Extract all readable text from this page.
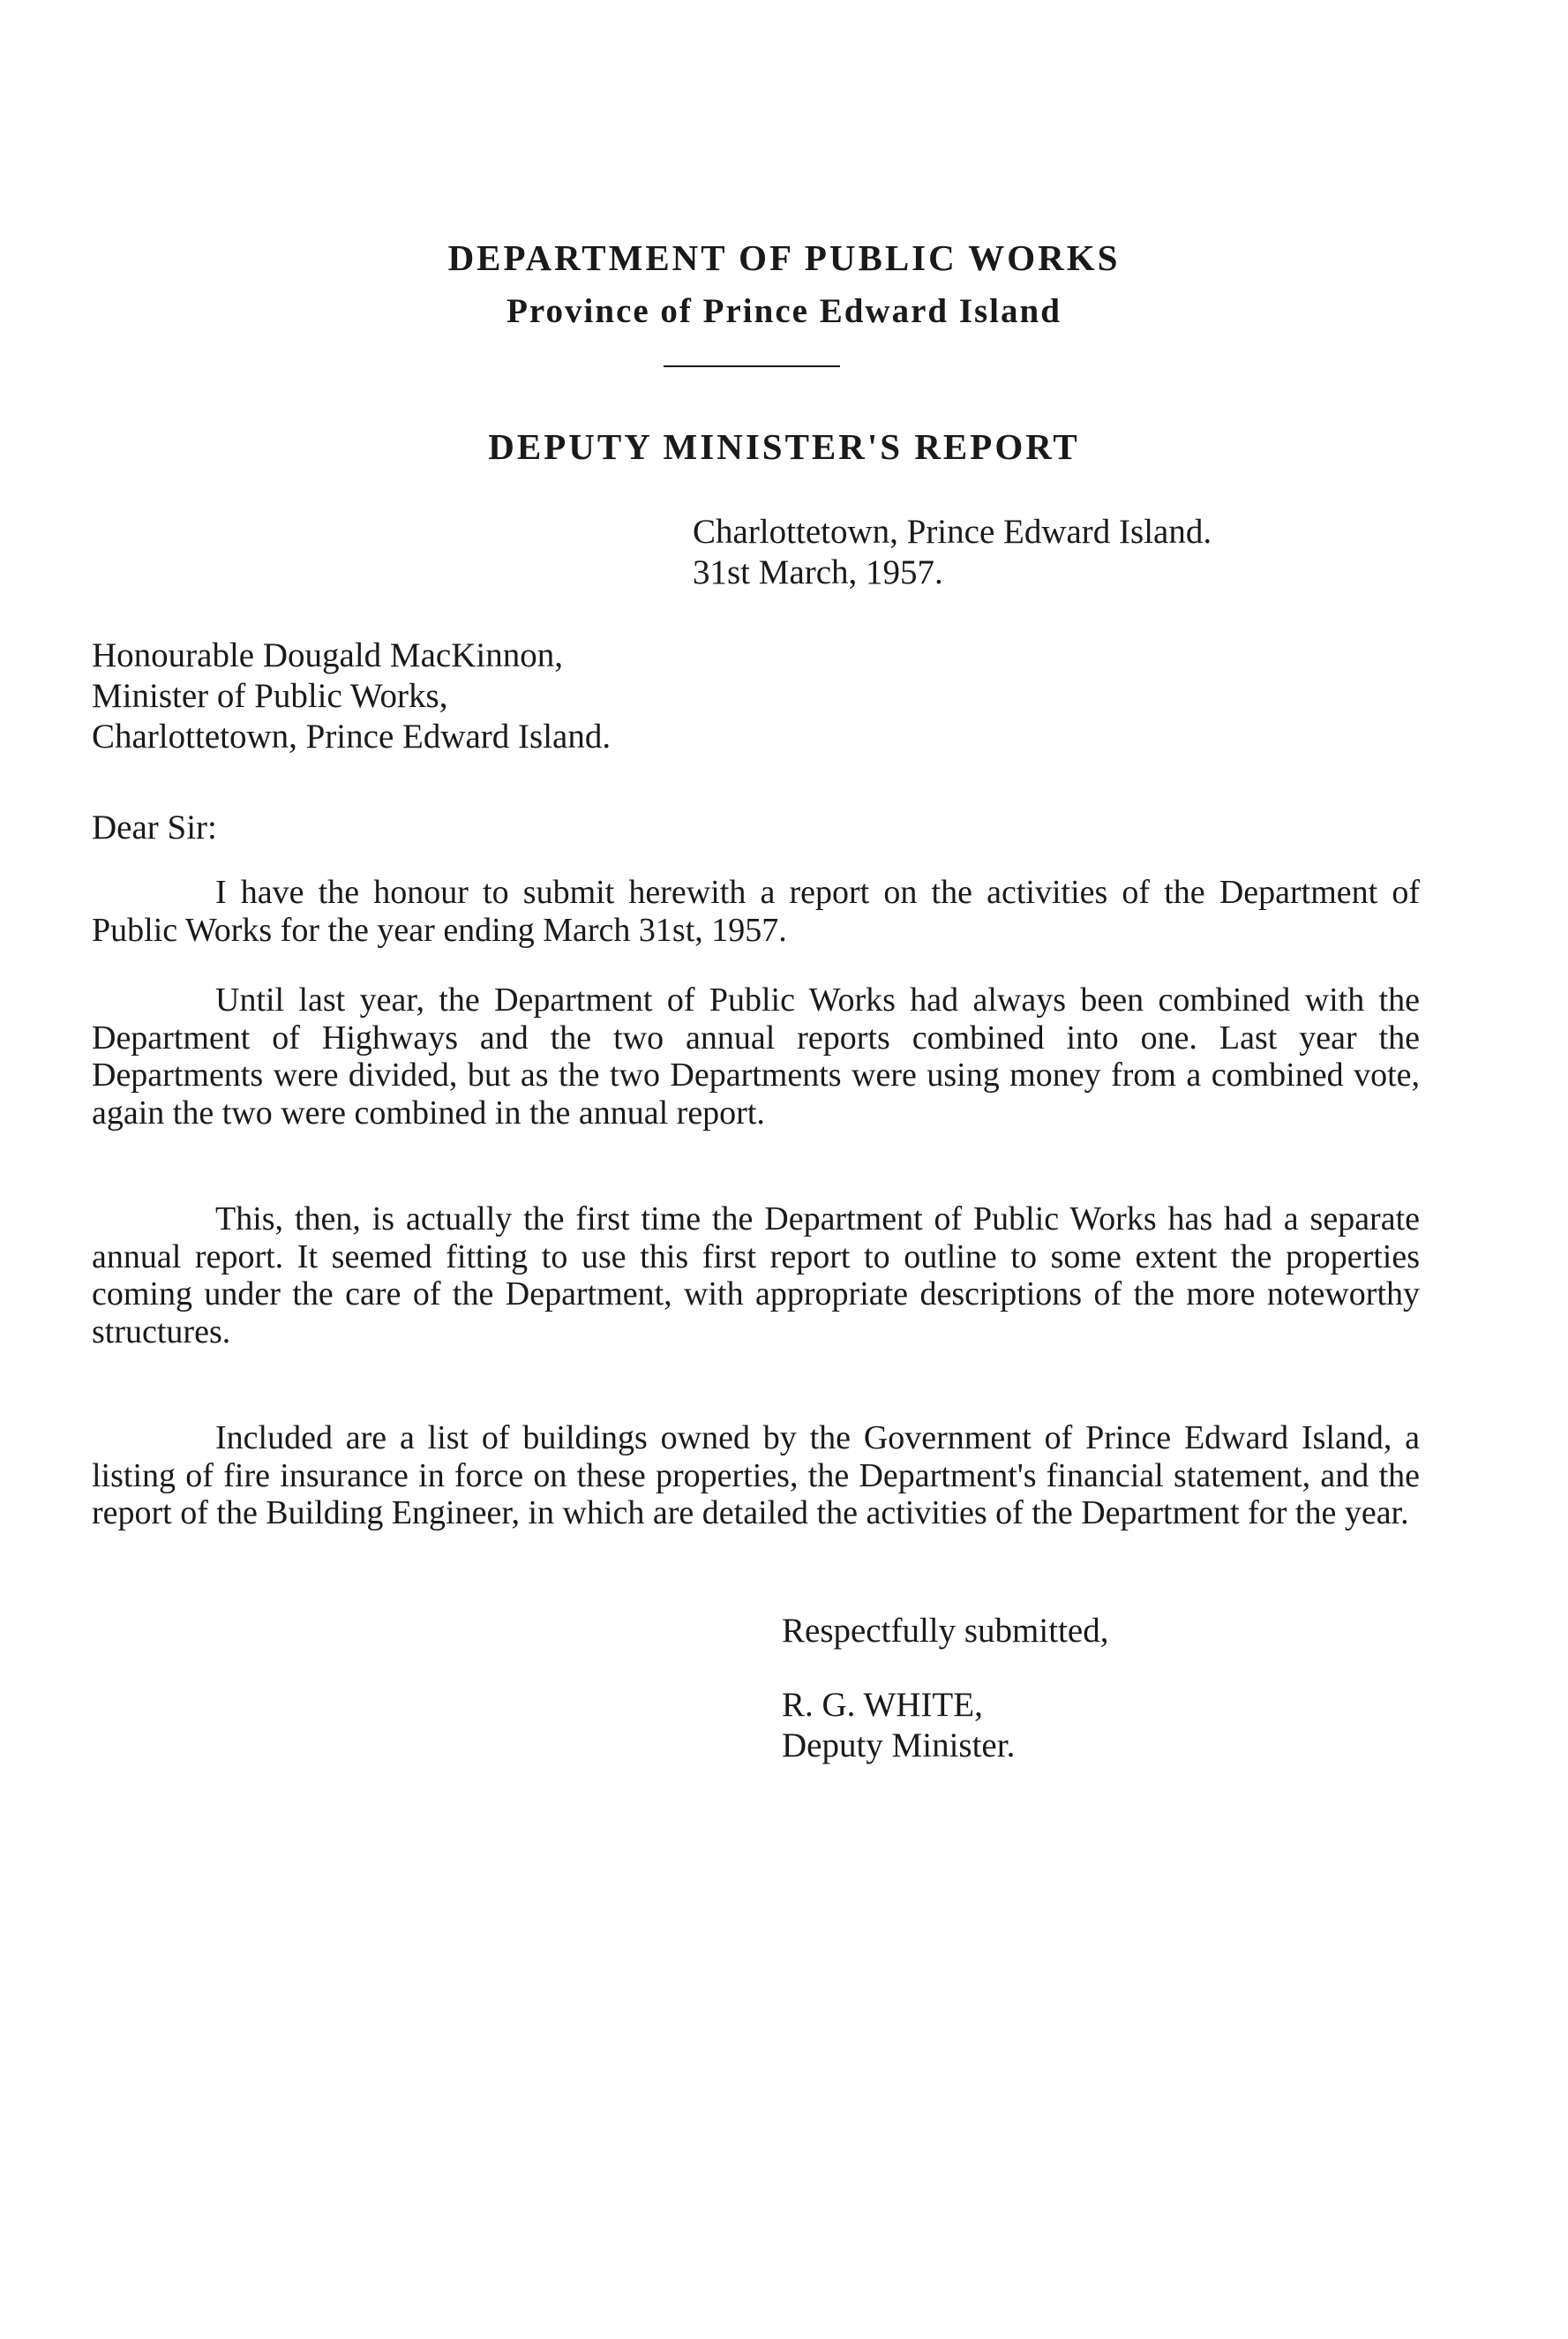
DEPARTMENT OF PUBLIC WORKS
Province of Prince Edward Island
DEPUTY MINISTER'S REPORT
Charlottetown, Prince Edward Island.
31st March, 1957.
Honourable Dougald MacKinnon,
Minister of Public Works,
Charlottetown, Prince Edward Island.
Dear Sir:

I have the honour to submit herewith a report on the activities of the Department of Public Works for the year ending March 31st, 1957.

Until last year, the Department of Public Works had always been combined with the Department of Highways and the two annual reports combined into one. Last year the Departments were divided, but as the two Departments were using money from a combined vote, again the two were combined in the annual report.

This, then, is actually the first time the Department of Public Works has had a separate annual report. It seemed fitting to use this first report to outline to some extent the properties coming under the care of the Department, with appropriate descriptions of the more noteworthy structures.

Included are a list of buildings owned by the Government of Prince Edward Island, a listing of fire insurance in force on these properties, the Department's financial statement, and the report of the Building Engineer, in which are detailed the activities of the Department for the year.

Respectfully submitted,
R. G. WHITE,
Deputy Minister.
